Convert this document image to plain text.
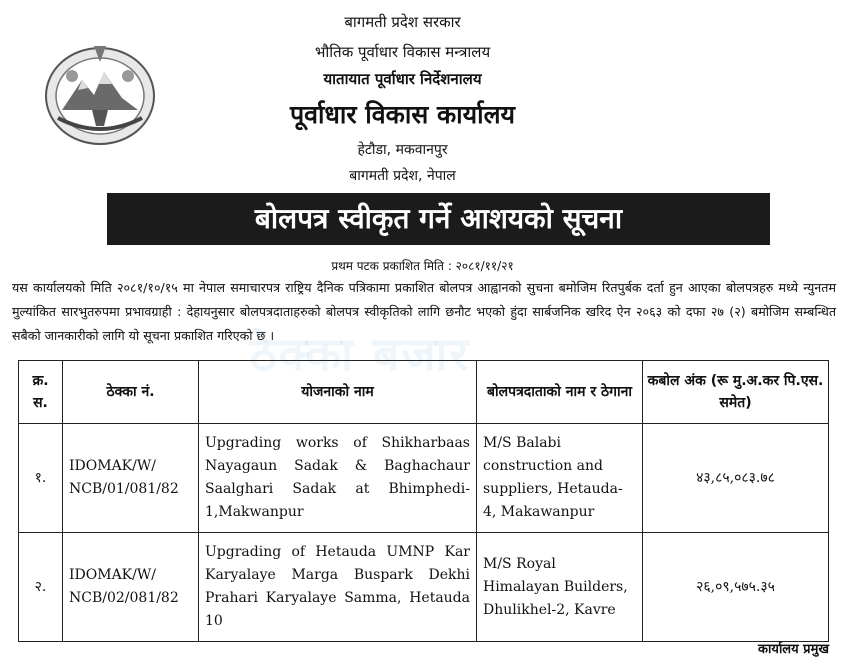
बागमती प्रदेश सरकार
भौतिक पूर्वाधार विकास मन्त्रालय
यातायात पूर्वाधार निर्देशनालय
पूर्वाधार विकास कार्यालय
हेटौडा, मकवानपुर
बागमती प्रदेश, नेपाल
बोलपत्र स्वीकृत गर्ने आशयको सूचना
प्रथम पटक प्रकाशित मिति : २०८१/११/२१
यस कार्यालयको मिति २०८१/१०/१५ मा नेपाल समाचारपत्र राष्ट्रिय दैनिक पत्रिकामा प्रकाशित बोलपत्र आह्वानको सुचना बमोजिम रितपुर्बक दर्ता हुन आएका बोलपत्रहरु मध्ये न्युनतम मुल्यांकित सारभुतरुपमा प्रभावग्राही : देहायनुसार बोलपत्रदाताहरुको बोलपत्र स्वीकृतिको लागि छनौट भएको हुंदा सार्बजनिक खरिद ऐन २०६३ को दफा २७ (२) बमोजिम सम्बन्धित सबैको जानकारीको लागि यो सूचना प्रकाशित गरिएको छ ।
ठेक्का बजार
क्र. स.	ठेक्का नं.	योजनाको नाम	बोलपत्रदाताको नाम र ठेगाना	कबोल अंक (रू मु.अ.कर पि.एस. समेत)
१.	IDOMAK/W/ NCB/01/081/82	Upgrading works of Shikharbaas Nayagaun Sadak & Baghachaur Saalghari Sadak at Bhimphedi-1,Makwanpur	M/S Balabi construction and suppliers, Hetauda-4, Makawanpur	४३,८५,०८३.७८
२.	IDOMAK/W/ NCB/02/081/82	Upgrading of Hetauda UMNP Kar Karyalaye Marga Buspark Dekhi Prahari Karyalaye Samma, Hetauda 10	M/S Royal Himalayan Builders, Dhulikhel-2, Kavre	२६,०९,५७५.३५
कार्यालय प्रमुख
